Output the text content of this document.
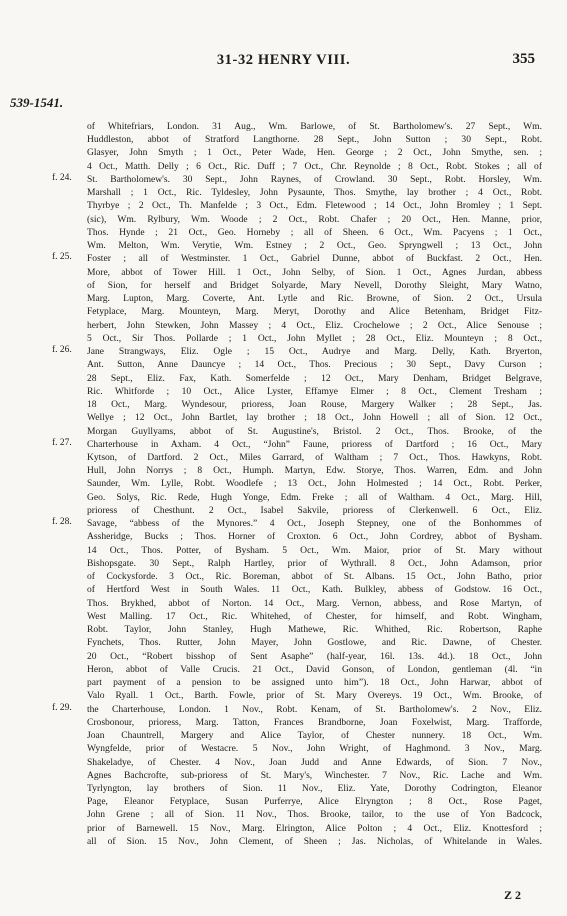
31-32 HENRY VIII.	355
539-1541.
of Whitefriars, London. 31 Aug., Wm. Barlowe, of St. Bartholomew's. 27 Sept., Wm.
Huddleston, abbot of Stratford Langthorne. 28 Sept., John Sutton ; 30 Sept., Robt.
Glasyer, John Smyth ; 1 Oct., Peter Wade, Hen. George ; 2 Oct., John Smythe, sen. ;
4 Oct., Matth. Delly ; 6 Oct., Ric. Duff ; 7 Oct., Chr. Reynolde ; 8 Oct., Robt. Stokes ; all of
f. 24. St. Bartholomew's. 30 Sept., John Raynes, of Crowland. 30 Sept., Robt. Horsley, Wm.
Marshall ; 1 Oct., Ric. Tyldesley, John Pysaunte, Thos. Smythe, lay brother ; 4 Oct., Robt.
Thyrbye ; 2 Oct., Th. Manfelde ; 3 Oct., Edm. Fletewood ; 14 Oct., John Bromley ; 1 Sept.
(sic), Wm. Rylbury, Wm. Woode ; 2 Oct., Robt. Chafer ; 20 Oct., Hen. Manne, prior,
Thos. Hynde ; 21 Oct., Geo. Horneby ; all of Sheen. 6 Oct., Wm. Pacyens ; 1 Oct.,
Wm. Melton, Wm. Verytie, Wm. Estney ; 2 Oct., Geo. Spryngwell ; 13 Oct., John
f. 25. Foster ; all of Westminster. 1 Oct., Gabriel Dunne, abbot of Buckfast. 2 Oct., Hen.
More, abbot of Tower Hill. 1 Oct., John Selby, of Sion. 1 Oct., Agnes Jurdan, abbess
of Sion, for herself and Bridget Solyarde, Mary Nevell, Dorothy Sleight, Mary Watno,
Marg. Lupton, Marg. Coverte, Ant. Lytle and Ric. Browne, of Sion. 2 Oct., Ursula
Fetyplace, Marg. Mounteyn, Marg. Meryt, Dorothy and Alice Betenham, Bridget Fitz-
herbert, John Stewken, John Massey ; 4 Oct., Eliz. Crochelowe ; 2 Oct., Alice Senouse ;
5 Oct., Sir Thos. Pollarde ; 1 Oct., John Myllet ; 28 Oct., Eliz. Mounteyn ; 8 Oct.,
f. 26. Jane Strangways, Eliz. Ogle ; 15 Oct., Audrye and Marg. Delly, Kath. Bryerton,
Ant. Sutton, Anne Dauncye ; 14 Oct., Thos. Precious ; 30 Sept., Davy Curson ;
28 Sept., Eliz. Fax, Kath. Somerfelde ; 12 Oct., Mary Denham, Bridget Belgrave,
Ric. Whitforde ; 10 Oct., Alice Lyster, Effamye Elmer ; 8 Oct., Clement Tresham ;
18 Oct., Marg. Wyndesour, prioress, Joan Rouse, Margery Walker ; 28 Sept., Jas.
Wellye ; 12 Oct., John Bartlet, lay brother ; 18 Oct., John Howell ; all of Sion. 12 Oct.,
Morgan Guyllyams, abbot of St. Augustine's, Bristol. 2 Oct., Thos. Brooke, of the
f. 27. Charterhouse in Axham. 4 Oct., “John” Faune, prioress of Dartford ; 16 Oct., Mary
Kytson, of Dartford. 2 Oct., Miles Garrard, of Waltham ; 7 Oct., Thos. Hawkyns, Robt.
Hull, John Norrys ; 8 Oct., Humph. Martyn, Edw. Storye, Thos. Warren, Edm. and John
Saunder, Wm. Lylle, Robt. Woodlefe ; 13 Oct., John Holmested ; 14 Oct., Robt. Perker,
Geo. Solys, Ric. Rede, Hugh Yonge, Edm. Freke ; all of Waltham. 4 Oct., Marg. Hill,
prioress of Chesthunt. 2 Oct., Isabel Sakvile, prioress of Clerkenwell. 6 Oct., Eliz.
f. 28. Savage, “abbess of the Mynores.” 4 Oct., Joseph Stepney, one of the Bonhommes of
Assheridge, Bucks ; Thos. Horner of Croxton. 6 Oct., John Cordrey, abbot of Bysham.
14 Oct., Thos. Potter, of Bysham. 5 Oct., Wm. Maior, prior of St. Mary without
Bishopsgate. 30 Sept., Ralph Hartley, prior of Wythrall. 8 Oct., John Adamson, prior
of Cockysforde. 3 Oct., Ric. Boreman, abbot of St. Albans. 15 Oct., John Batho, prior
of Hertford West in South Wales. 11 Oct., Kath. Bulkley, abbess of Godstow. 16 Oct.,
Thos. Brykhed, abbot of Norton. 14 Oct., Marg. Vernon, abbess, and Rose Martyn, of
West Malling. 17 Oct., Ric. Whitehed, of Chester, for himself, and Robt. Wingham,
Robt. Taylor, John Stanley, Hugh Mathewe, Ric. Whithed, Ric. Robertson, Raphe
Fynchets, Thos. Rutter, John Mayer, John Gostlowe, and Ric. Dawne, of Chester.
20 Oct., “Robert bisshop of Sent Asaphe” (half-year, 16l. 13s. 4d.). 18 Oct., John
Heron, abbot of Valle Crucis. 21 Oct., David Gonson, of London, gentleman (4l. “in
part payment of a pension to be assigned unto him”). 18 Oct., John Harwar, abbot of
Valo Ryall. 1 Oct., Barth. Fowle, prior of St. Mary Overeys. 19 Oct., Wm. Brooke, of
f. 29. the Charterhouse, London. 1 Nov., Robt. Kenam, of St. Bartholomew's. 2 Nov., Eliz.
Crosbonour, prioress, Marg. Tatton, Frances Brandborne, Joan Foxelwist, Marg. Trafforde,
Joan Chauntrell, Margery and Alice Taylor, of Chester nunnery. 18 Oct., Wm.
Wyngfelde, prior of Westacre. 5 Nov., John Wright, of Haghmond. 3 Nov., Marg.
Shakeladye, of Chester. 4 Nov., Joan Judd and Anne Edwards, of Sion. 7 Nov.,
Agnes Bachcrofte, sub-prioress of St. Mary's, Winchester. 7 Nov., Ric. Lache and Wm.
Tyrlyngton, lay brothers of Sion. 11 Nov., Eliz. Yate, Dorothy Codrington, Eleanor
Page, Eleanor Fetyplace, Susan Purferrye, Alice Elryngton ; 8 Oct., Rose Paget,
John Grene ; all of Sion. 11 Nov., Thos. Brooke, tailor, to the use of Yon Badcock,
prior of Barnewell. 15 Nov., Marg. Elrington, Alice Polton ; 4 Oct., Eliz. Knottesford ;
all of Sion. 15 Nov., John Clement, of Sheen ; Jas. Nicholas, of Whitelande in Wales.
Z 2
